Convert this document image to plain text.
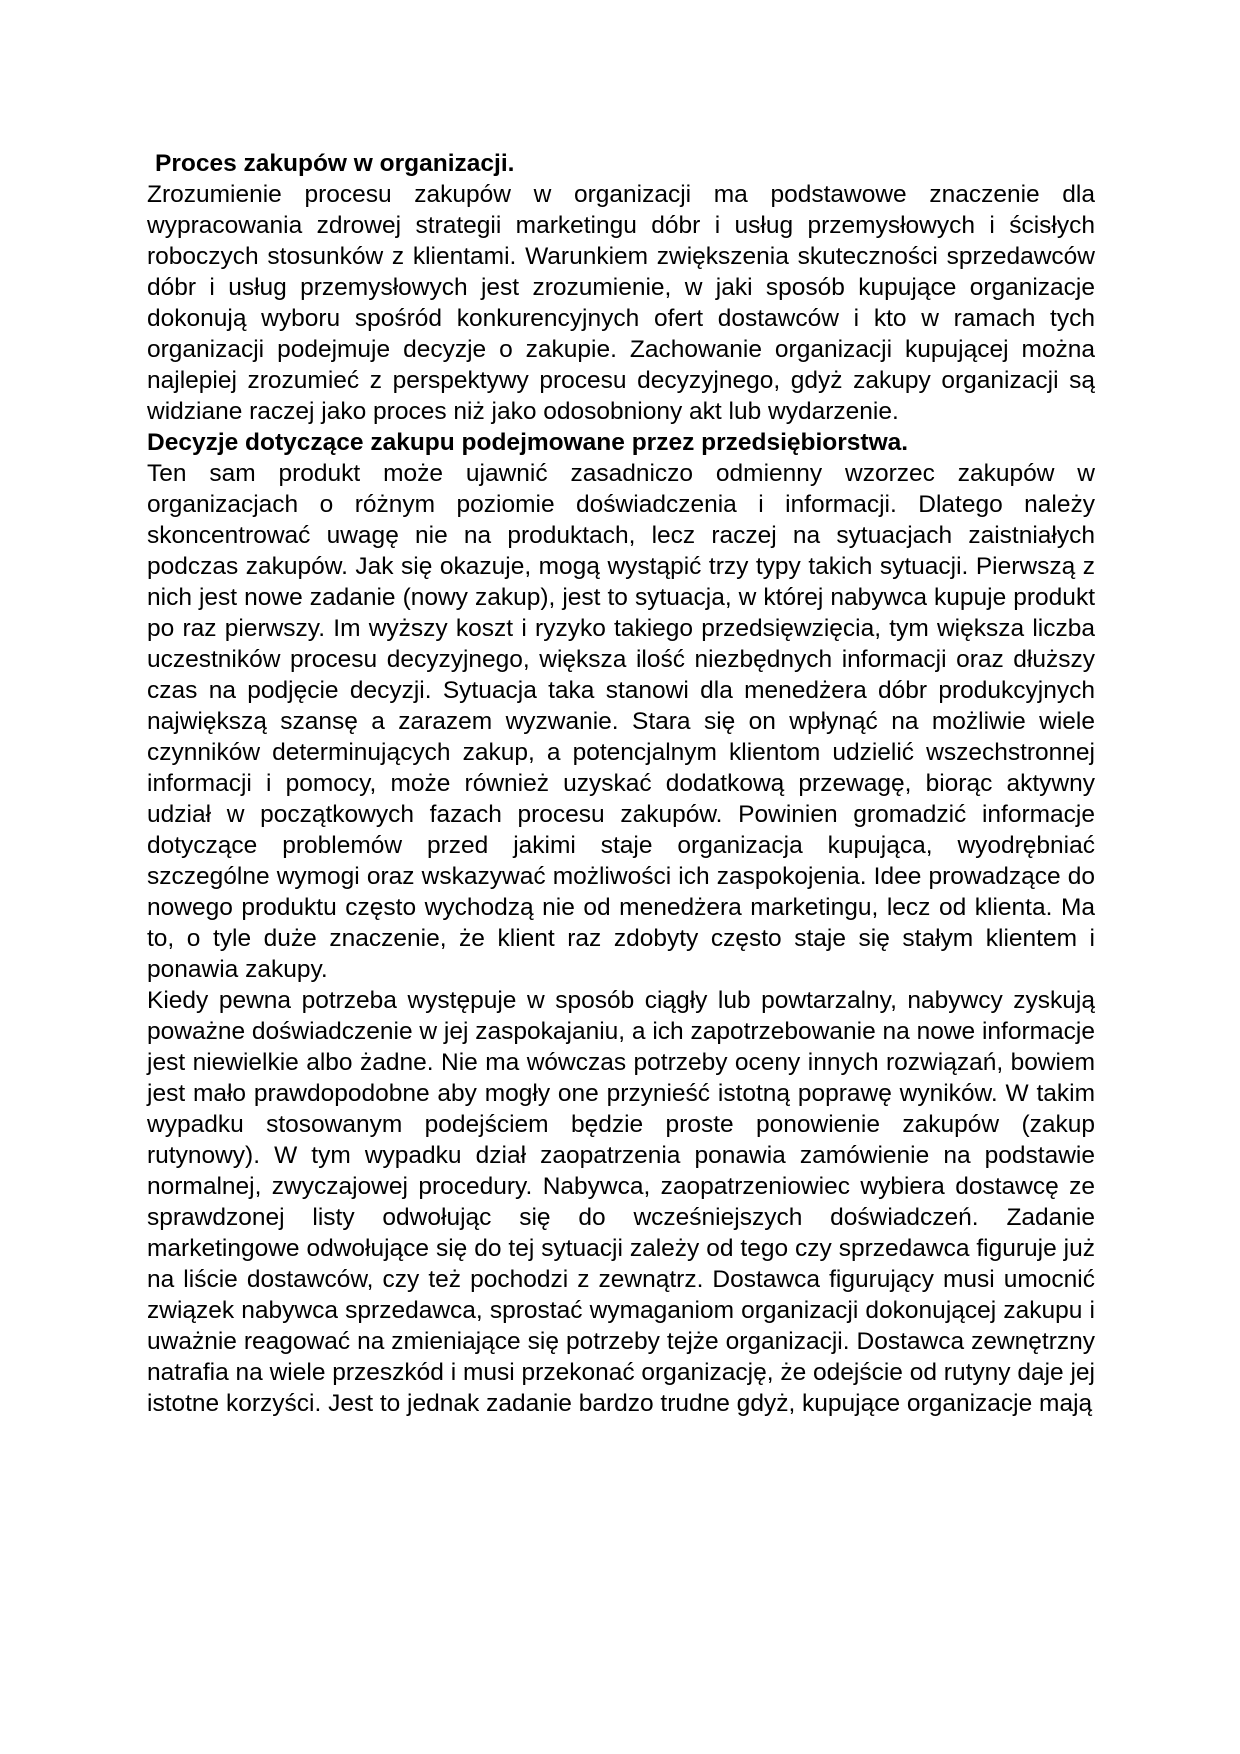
Proces zakupów w organizacji.

Zrozumienie procesu zakupów w organizacji ma podstawowe znaczenie dla wypracowania zdrowej strategii marketingu dóbr i usług przemysłowych i ścisłych roboczych stosunków z klientami. Warunkiem zwiększenia skuteczności sprzedawców dóbr i usług przemysłowych jest zrozumienie, w jaki sposób kupujące organizacje dokonują wyboru spośród konkurencyjnych ofert dostawców i kto w ramach tych organizacji podejmuje decyzje o zakupie. Zachowanie organizacji kupującej można najlepiej zrozumieć z perspektywy procesu decyzyjnego, gdyż zakupy organizacji są widziane raczej jako proces niż jako odosobniony akt lub wydarzenie.

Decyzje dotyczące zakupu podejmowane przez przedsiębiorstwa.

Ten sam produkt może ujawnić zasadniczo odmienny wzorzec zakupów w organizacjach o różnym poziomie doświadczenia i informacji. Dlatego należy skoncentrować uwagę nie na produktach, lecz raczej na sytuacjach zaistniałych podczas zakupów. Jak się okazuje, mogą wystąpić trzy typy takich sytuacji. Pierwszą z nich jest nowe zadanie (nowy zakup), jest to sytuacja, w której nabywca kupuje produkt po raz pierwszy. Im wyższy koszt i ryzyko takiego przedsięwzięcia, tym większa liczba uczestników procesu decyzyjnego, większa ilość niezbędnych informacji oraz dłuższy czas na podjęcie decyzji. Sytuacja taka stanowi dla menedżera dóbr produkcyjnych największą szansę a zarazem wyzwanie. Stara się on wpłynąć na możliwie wiele czynników determinujących zakup, a potencjalnym klientom udzielić wszechstronnej informacji i pomocy, może również uzyskać dodatkową przewagę, biorąc aktywny udział w początkowych fazach procesu zakupów. Powinien gromadzić informacje dotyczące problemów przed jakimi staje organizacja kupująca, wyodrębniać szczególne wymogi oraz wskazywać możliwości ich zaspokojenia. Idee prowadzące do nowego produktu często wychodzą nie od menedżera marketingu, lecz od klienta. Ma to, o tyle duże znaczenie, że klient raz zdobyty często staje się stałym klientem i ponawia zakupy.

Kiedy pewna potrzeba występuje w sposób ciągły lub powtarzalny, nabywcy zyskują poważne doświadczenie w jej zaspokajaniu, a ich zapotrzebowanie na nowe informacje jest niewielkie albo żadne. Nie ma wówczas potrzeby oceny innych rozwiązań, bowiem jest mało prawdopodobne aby mogły one przynieść istotną poprawę wyników. W takim wypadku stosowanym podejściem będzie proste ponowienie zakupów (zakup rutynowy). W tym wypadku dział zaopatrzenia ponawia zamówienie na podstawie normalnej, zwyczajowej procedury. Nabywca, zaopatrzeniowiec wybiera dostawcę ze sprawdzonej listy odwołując się do wcześniejszych doświadczeń. Zadanie marketingowe odwołujące się do tej sytuacji zależy od tego czy sprzedawca figuruje już na liście dostawców, czy też pochodzi z zewnątrz. Dostawca figurujący musi umocnić związek nabywca sprzedawca, sprostać wymaganiom organizacji dokonującej zakupu i uważnie reagować na zmieniające się potrzeby tejże organizacji. Dostawca zewnętrzny natrafia na wiele przeszkód i musi przekonać organizację, że odejście od rutyny daje jej istotne korzyści. Jest to jednak zadanie bardzo trudne gdyż, kupujące organizacje mają
